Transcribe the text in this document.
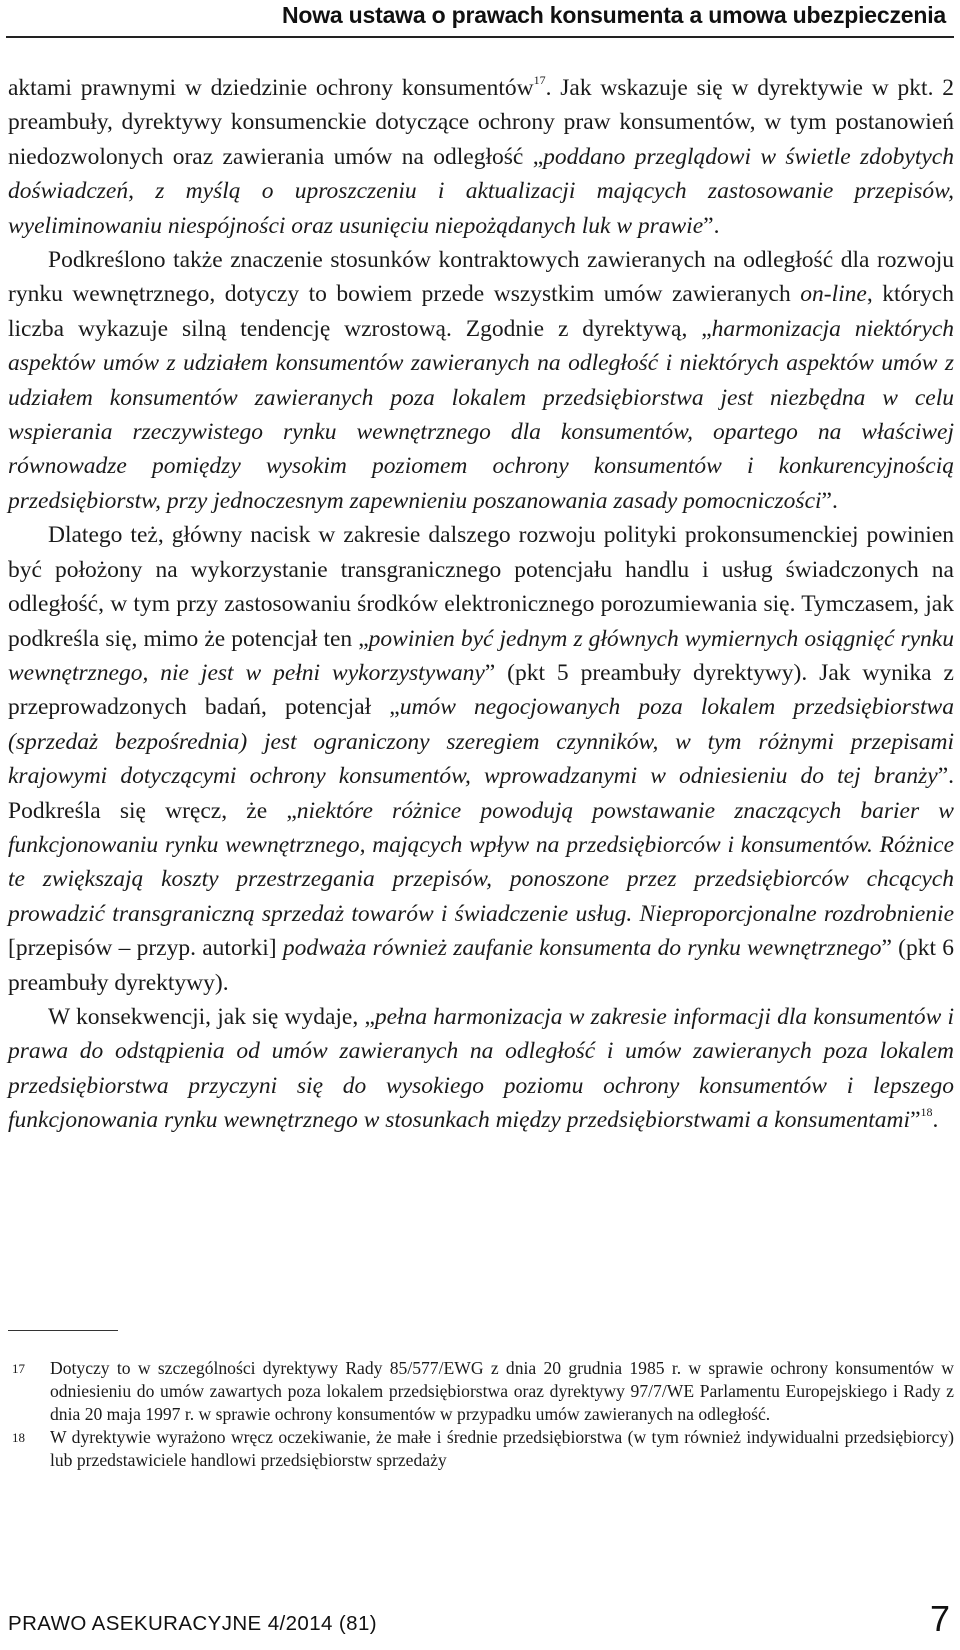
Nowa ustawa o prawach konsumenta a umowa ubezpieczenia

aktami prawnymi w dziedzinie ochrony konsumentów$^{17}$. Jak wskazuje się w dyrektywie w pkt. 2 preambuły, dyrektywy konsumenckie dotyczące ochrony praw konsumentów, w tym postanowień niedozwolonych oraz zawierania umów na odległość „poddano przeglądowi w świetle zdobytych doświadczeń, z myślą o uproszczeniu i aktualizacji mających zastosowanie przepisów, wyeliminowaniu niespójności oraz usunięciu niepożądanych luk w prawie”.

Podkreślono także znaczenie stosunków kontraktowych zawieranych na odległość dla rozwoju rynku wewnętrznego, dotyczy to bowiem przede wszystkim umów zawieranych on-line, których liczba wykazuje silną tendencję wzrostową. Zgodnie z dyrektywą, „harmonizacja niektórych aspektów umów z udziałem konsumentów zawieranych na odległość i niektórych aspektów umów z udziałem konsumentów zawieranych poza lokalem przedsiębiorstwa jest niezbędna w celu wspierania rzeczywistego rynku wewnętrznego dla konsumentów, opartego na właściwej równowadze pomiędzy wysokim poziomem ochrony konsumentów i konkurencyjnością przedsiębiorstw, przy jednoczesnym zapewnieniu poszanowania zasady pomocniczości”.

Dlatego też, główny nacisk w zakresie dalszego rozwoju polityki prokonsumenckiej powinien być położony na wykorzystanie transgranicznego potencjału handlu i usług świadczonych na odległość, w tym przy zastosowaniu środków elektronicznego porozumiewania się. Tymczasem, jak podkreśla się, mimo że potencjał ten „powinien być jednym z głównych wymiernych osiągnięć rynku wewnętrznego, nie jest w pełni wykorzystywany” (pkt 5 preambuły dyrektywy). Jak wynika z przeprowadzonych badań, potencjał „umów negocjowanych poza lokalem przedsiębiorstwa (sprzedaż bezpośrednia) jest ograniczony szeregiem czynników, w tym różnymi przepisami krajowymi dotyczącymi ochrony konsumentów, wprowadzanymi w odniesieniu do tej branży”. Podkreśla się wręcz, że „niektóre różnice powodują powstawanie znaczących barier w funkcjonowaniu rynku wewnętrznego, mających wpływ na przedsiębiorców i konsumentów. Różnice te zwiększają koszty przestrzegania przepisów, ponoszone przez przedsiębiorców chcących prowadzić transgraniczną sprzedaż towarów i świadczenie usług. Nieproporcjonalne rozdrobnienie [przepisów – przyp. autorki] podważa również zaufanie konsumenta do rynku wewnętrznego” (pkt 6 preambuły dyrektywy).

W konsekwencji, jak się wydaje, „pełna harmonizacja w zakresie informacji dla konsumentów i prawa do odstąpienia od umów zawieranych na odległość i umów zawieranych poza lokalem przedsiębiorstwa przyczyni się do wysokiego poziomu ochrony konsumentów i lepszego funkcjonowania rynku wewnętrznego w stosunkach między przedsiębiorstwami a konsumentami”$^{18}$.

17	Dotyczy to w szczególności dyrektywy Rady 85/577/EWG z dnia 20 grudnia 1985 r. w sprawie ochrony konsumentów w odniesieniu do umów zawartych poza lokalem przedsiębiorstwa oraz dyrektywy 97/7/WE Parlamentu Europejskiego i Rady z dnia 20 maja 1997 r. w sprawie ochrony konsumentów w przypadku umów zawieranych na odległość.
18	W dyrektywie wyrażono wręcz oczekiwanie, że małe i średnie przedsiębiorstwa (w tym również indywidualni przedsiębiorcy) lub przedstawiciele handlowi przedsiębiorstw sprzedaży
PRAWO ASEKURACYJNE 4/2014 (81)	7
